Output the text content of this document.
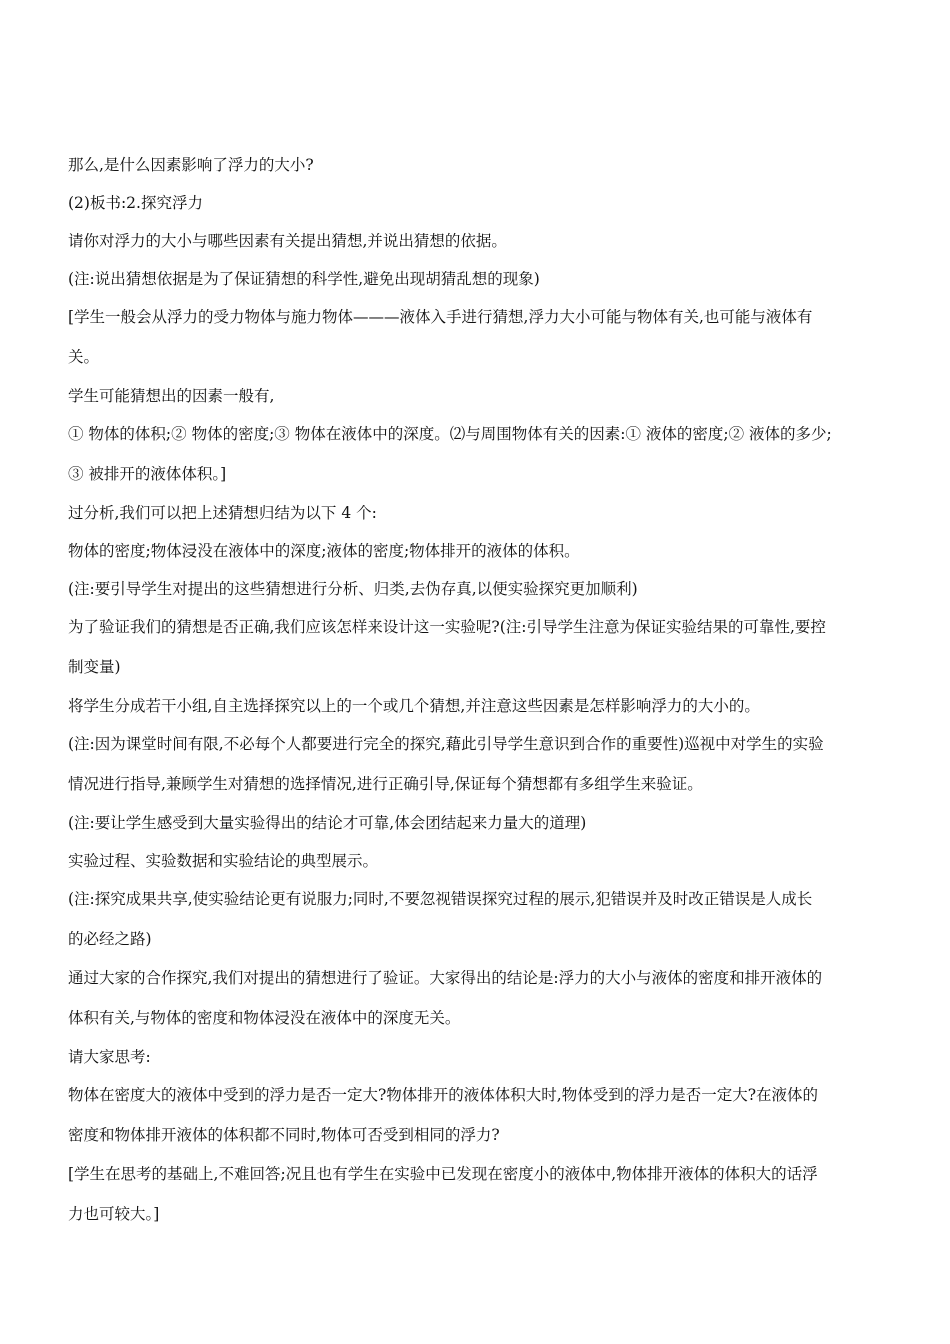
那么,是什么因素影响了浮力的大小?

(2)板书:2.探究浮力

请你对浮力的大小与哪些因素有关提出猜想,并说出猜想的依据。

(注:说出猜想依据是为了保证猜想的科学性,避免出现胡猜乱想的现象)

[学生一般会从浮力的受力物体与施力物体———液体入手进行猜想,浮力大小可能与物体有关,也可能与液体有
关。

学生可能猜想出的因素一般有,

① 物体的体积;② 物体的密度;③ 物体在液体中的深度。⑵与周围物体有关的因素:① 液体的密度;② 液体的多少;
③ 被排开的液体体积。]

过分析,我们可以把上述猜想归结为以下 4 个:

物体的密度;物体浸没在液体中的深度;液体的密度;物体排开的液体的体积。

(注:要引导学生对提出的这些猜想进行分析、归类,去伪存真,以便实验探究更加顺利)

为了验证我们的猜想是否正确,我们应该怎样来设计这一实验呢?(注:引导学生注意为保证实验结果的可靠性,要控
制变量)

将学生分成若干小组,自主选择探究以上的一个或几个猜想,并注意这些因素是怎样影响浮力的大小的。

(注:因为课堂时间有限,不必每个人都要进行完全的探究,藉此引导学生意识到合作的重要性)巡视中对学生的实验
情况进行指导,兼顾学生对猜想的选择情况,进行正确引导,保证每个猜想都有多组学生来验证。

(注:要让学生感受到大量实验得出的结论才可靠,体会团结起来力量大的道理)

实验过程、实验数据和实验结论的典型展示。

(注:探究成果共享,使实验结论更有说服力;同时,不要忽视错误探究过程的展示,犯错误并及时改正错误是人成长
的必经之路)
通过大家的合作探究,我们对提出的猜想进行了验证。大家得出的结论是:浮力的大小与液体的密度和排开液体的
体积有关,与物体的密度和物体浸没在液体中的深度无关。

请大家思考:

物体在密度大的液体中受到的浮力是否一定大?物体排开的液体体积大时,物体受到的浮力是否一定大?在液体的
密度和物体排开液体的体积都不同时,物体可否受到相同的浮力?
[学生在思考的基础上,不难回答;况且也有学生在实验中已发现在密度小的液体中,物体排开液体的体积大的话浮
力也可较大。]
